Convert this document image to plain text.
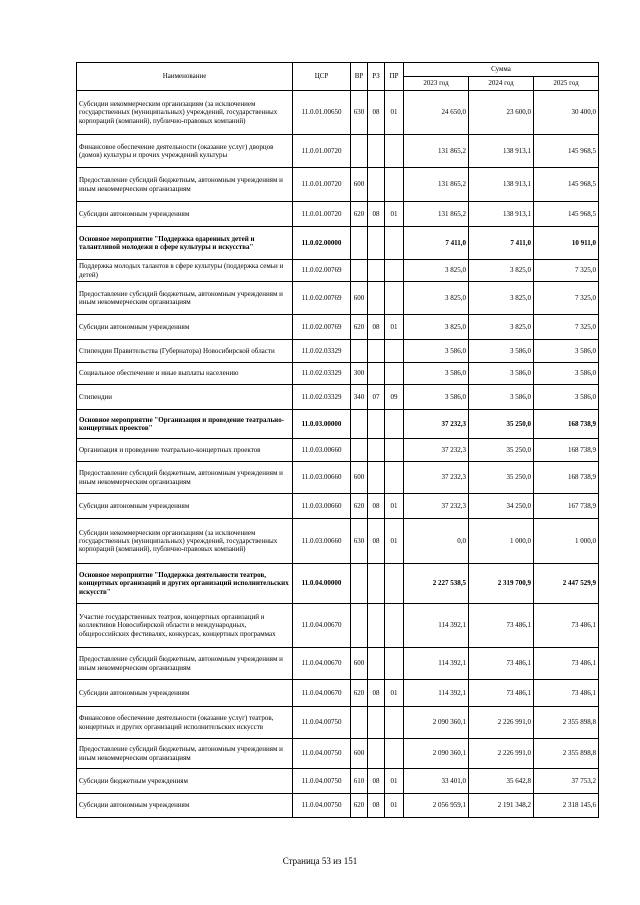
Наименование	ЦСР	ВР	РЗ	ПР	Сумма		
					2023 год	2024 год	2025 год
Субсидии некоммерческим организациям (за исключением государственных (муниципальных) учреждений, государственных корпораций (компаний), публично-правовых компаний)	11.0.01.00650	630	08	01	24 650,0	23 600,0	30 400,0
Финансовое обеспечение деятельности (оказание услуг) дворцов (домов) культуры и прочих учреждений культуры	11.0.01.00720				131 865,2	138 913,1	145 968,5
Предоставление субсидий бюджетным, автономным учреждениям и иным некоммерческим организациям	11.0.01.00720	600			131 865,2	138 913,1	145 968,5
Субсидии автономным учреждениям	11.0.01.00720	620	08	01	131 865,2	138 913,1	145 968,5
Основное мероприятие "Поддержка одаренных детей и талантливой молодежи в сфере культуры и искусства"	11.0.02.00000				7 411,0	7 411,0	10 911,0
Поддержка молодых талантов в сфере культуры (поддержка семьи и детей)	11.0.02.00769				3 825,0	3 825,0	7 325,0
Предоставление субсидий бюджетным, автономным учреждениям и иным некоммерческим организациям	11.0.02.00769	600			3 825,0	3 825,0	7 325,0
Субсидии автономным учреждениям	11.0.02.00769	620	08	01	3 825,0	3 825,0	7 325,0
Стипендии Правительства (Губернатора) Новосибирской области	11.0.02.03329				3 586,0	3 586,0	3 586,0
Социальное обеспечение и иные выплаты населению	11.0.02.03329	300			3 586,0	3 586,0	3 586,0
Стипендии	11.0.02.03329	340	07	09	3 586,0	3 586,0	3 586,0
Основное мероприятие "Организация и проведение театрально-концертных проектов"	11.0.03.00000				37 232,3	35 250,0	168 738,9
Организация и проведение театрально-концертных проектов	11.0.03.00660				37 232,3	35 250,0	168 738,9
Предоставление субсидий бюджетным, автономным учреждениям и иным некоммерческим организациям	11.0.03.00660	600			37 232,3	35 250,0	168 738,9
Субсидии автономным учреждениям	11.0.03.00660	620	08	01	37 232,3	34 250,0	167 738,9
Субсидии некоммерческим организациям (за исключением государственных (муниципальных) учреждений, государственных корпораций (компаний), публично-правовых компаний)	11.0.03.00660	630	08	01	0,0	1 000,0	1 000,0
Основное мероприятие "Поддержка деятельности театров, концертных организаций и других организаций исполнительских искусств"	11.0.04.00000				2 227 538,5	2 319 700,9	2 447 529,9
Участие государственных театров, концертных организаций и коллективов Новосибирской области в международных, общероссийских фестивалях, конкурсах, концертных программах	11.0.04.00670				114 392,1	73 486,1	73 486,1
Предоставление субсидий бюджетным, автономным учреждениям и иным некоммерческим организациям	11.0.04.00670	600			114 392,1	73 486,1	73 486,1
Субсидии автономным учреждениям	11.0.04.00670	620	08	01	114 392,1	73 486,1	73 486,1
Финансовое обеспечение деятельности (оказание услуг) театров, концертных и других организаций исполнительских искусств	11.0.04.00750				2 090 360,1	2 226 991,0	2 355 898,8
Предоставление субсидий бюджетным, автономным учреждениям и иным некоммерческим организациям	11.0.04.00750	600			2 090 360,1	2 226 991,0	2 355 898,8
Субсидии бюджетным учреждениям	11.0.04.00750	610	08	01	33 401,0	35 642,8	37 753,2
Субсидии автономным учреждениям	11.0.04.00750	620	08	01	2 056 959,1	2 191 348,2	2 318 145,6
Страница 53 из 151
